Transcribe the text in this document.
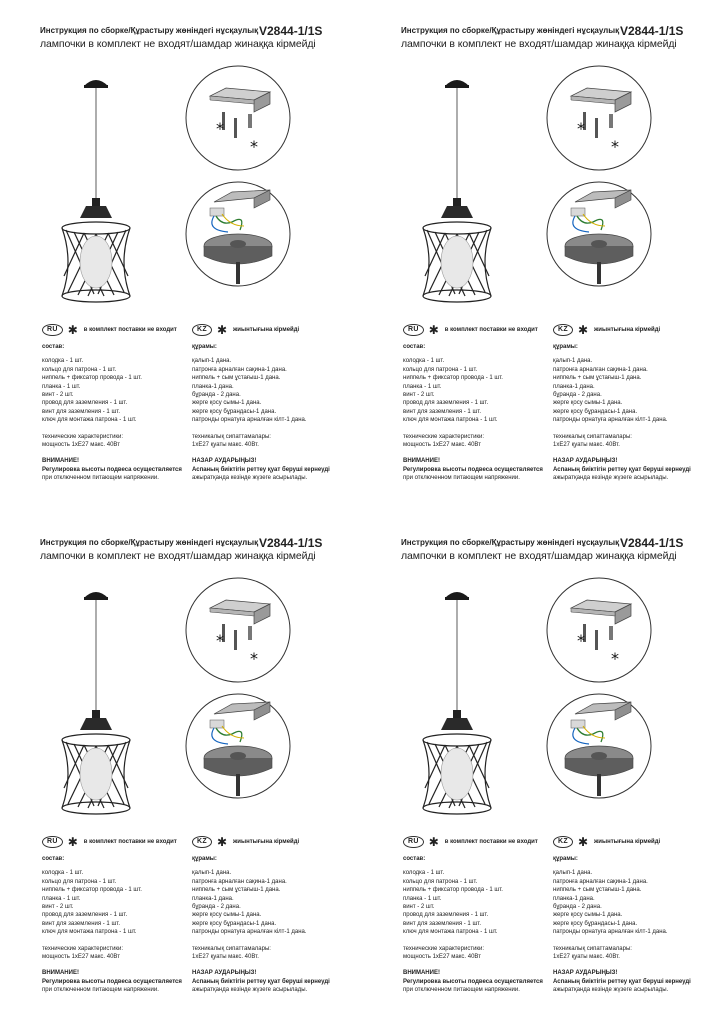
Инструкция по сборке/Құрастыру жөніндегі нұсқаулық V2844-1/1S
лампочки в комплект не входят/шамдар жинаққа кірмейді
*
*
RU ✱ в комплект поставки не входит
состав:
колодка - 1 шт.
кольцо для патрона - 1 шт.
ниппель + фиксатор провода - 1 шт.
планка - 1 шт.
винт - 2 шт.
провод для заземления - 1 шт.
винт для заземления - 1 шт.
ключ для монтажа патрона - 1 шт.
технические характеристики:
мощность 1хЕ27 макс. 40Вт
ВНИМАНИЕ!
Регулировка высоты подвеса осуществляется
при отключенном питающем напряжении.
KZ ✱ жиынтығына кірмейді
құрамы:
қалып-1 дана.
патронға арналған сақина-1 дана.
ниппель + сым ұстағыш-1 дана.
планка-1 дана.
бұранда - 2 дана.
жерге қосу сымы-1 дана.
жерге қосу бұрандасы-1 дана.
патронды орнатуға арналған кілт-1 дана.
техникалық сипаттамалары:
1хЕ27 қуаты макс. 40Вт.
НАЗАР АУДАРЫҢЫЗ!
Аспаның биіктігін реттеу қуат беруші кернеуді
ажыратқанда кезінде жүзеге асырылады.
Инструкция по сборке/Құрастыру жөніндегі нұсқаулық V2844-1/1S
лампочки в комплект не входят/шамдар жинаққа кірмейді
*
*
RU ✱ в комплект поставки не входит
состав:
колодка - 1 шт.
кольцо для патрона - 1 шт.
ниппель + фиксатор провода - 1 шт.
планка - 1 шт.
винт - 2 шт.
провод для заземления - 1 шт.
винт для заземления - 1 шт.
ключ для монтажа патрона - 1 шт.
технические характеристики:
мощность 1хЕ27 макс. 40Вт
ВНИМАНИЕ!
Регулировка высоты подвеса осуществляется
при отключенном питающем напряжении.
KZ ✱ жиынтығына кірмейді
құрамы:
қалып-1 дана.
патронға арналған сақина-1 дана.
ниппель + сым ұстағыш-1 дана.
планка-1 дана.
бұранда - 2 дана.
жерге қосу сымы-1 дана.
жерге қосу бұрандасы-1 дана.
патронды орнатуға арналған кілт-1 дана.
техникалық сипаттамалары:
1хЕ27 қуаты макс. 40Вт.
НАЗАР АУДАРЫҢЫЗ!
Аспаның биіктігін реттеу қуат беруші кернеуді
ажыратқанда кезінде жүзеге асырылады.
Инструкция по сборке/Құрастыру жөніндегі нұсқаулық V2844-1/1S
лампочки в комплект не входят/шамдар жинаққа кірмейді
*
*
RU ✱ в комплект поставки не входит
состав:
колодка - 1 шт.
кольцо для патрона - 1 шт.
ниппель + фиксатор провода - 1 шт.
планка - 1 шт.
винт - 2 шт.
провод для заземления - 1 шт.
винт для заземления - 1 шт.
ключ для монтажа патрона - 1 шт.
технические характеристики:
мощность 1хЕ27 макс. 40Вт
ВНИМАНИЕ!
Регулировка высоты подвеса осуществляется
при отключенном питающем напряжении.
KZ ✱ жиынтығына кірмейді
құрамы:
қалып-1 дана.
патронға арналған сақина-1 дана.
ниппель + сым ұстағыш-1 дана.
планка-1 дана.
бұранда - 2 дана.
жерге қосу сымы-1 дана.
жерге қосу бұрандасы-1 дана.
патронды орнатуға арналған кілт-1 дана.
техникалық сипаттамалары:
1хЕ27 қуаты макс. 40Вт.
НАЗАР АУДАРЫҢЫЗ!
Аспаның биіктігін реттеу қуат беруші кернеуді
ажыратқанда кезінде жүзеге асырылады.
Инструкция по сборке/Құрастыру жөніндегі нұсқаулық V2844-1/1S
лампочки в комплект не входят/шамдар жинаққа кірмейді
*
*
RU ✱ в комплект поставки не входит
состав:
колодка - 1 шт.
кольцо для патрона - 1 шт.
ниппель + фиксатор провода - 1 шт.
планка - 1 шт.
винт - 2 шт.
провод для заземления - 1 шт.
винт для заземления - 1 шт.
ключ для монтажа патрона - 1 шт.
технические характеристики:
мощность 1хЕ27 макс. 40Вт
ВНИМАНИЕ!
Регулировка высоты подвеса осуществляется
при отключенном питающем напряжении.
KZ ✱ жиынтығына кірмейді
құрамы:
қалып-1 дана.
патронға арналған сақина-1 дана.
ниппель + сым ұстағыш-1 дана.
планка-1 дана.
бұранда - 2 дана.
жерге қосу сымы-1 дана.
жерге қосу бұрандасы-1 дана.
патронды орнатуға арналған кілт-1 дана.
техникалық сипаттамалары:
1хЕ27 қуаты макс. 40Вт.
НАЗАР АУДАРЫҢЫЗ!
Аспаның биіктігін реттеу қуат беруші кернеуді
ажыратқанда кезінде жүзеге асырылады.
